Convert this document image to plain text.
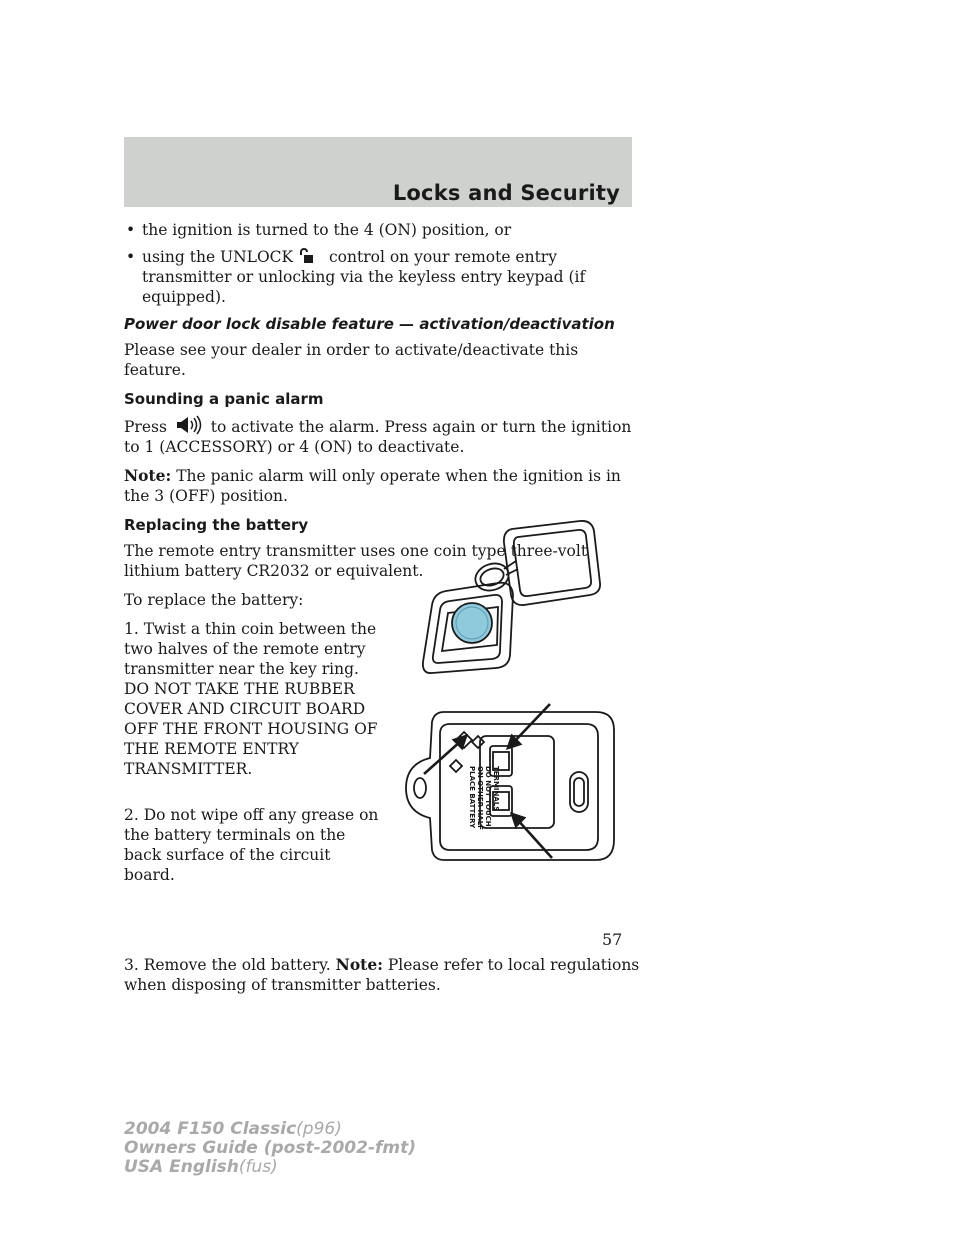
Locks and Security
• the ignition is turned to the 4 (ON) position, or
• using the UNLOCK control on your remote entry transmitter or unlocking via the keyless entry keypad (if equipped).
Power door lock disable feature — activation/deactivation

Please see your dealer in order to activate/deactivate this feature.

Sounding a panic alarm

Press	to activate the alarm. Press again or turn the ignition to 1 (ACCESSORY) or 4 (ON) to deactivate.

Note: The panic alarm will only operate when the ignition is in the 3 (OFF) position.

Replacing the battery

The remote entry transmitter uses one coin type three-volt lithium battery CR2032 or equivalent.

To replace the battery:

1. Twist a thin coin between the two halves of the remote entry transmitter near the key ring. DO NOT TAKE THE RUBBER COVER AND CIRCUIT BOARD OFF THE FRONT HOUSING OF THE REMOTE ENTRY TRANSMITTER.
2. Do not wipe off any grease on the battery terminals on the back surface of the circuit board.

3. Remove the old battery. Note: Please refer to local regulations when disposing of transmitter batteries.

PLACE BATTERY ON OTHER HALF DO NOT TOUCH TERMINALS
57
2004 F150 Classic(p96)
Owners Guide (post-2002-fmt)
USA English(fus)
